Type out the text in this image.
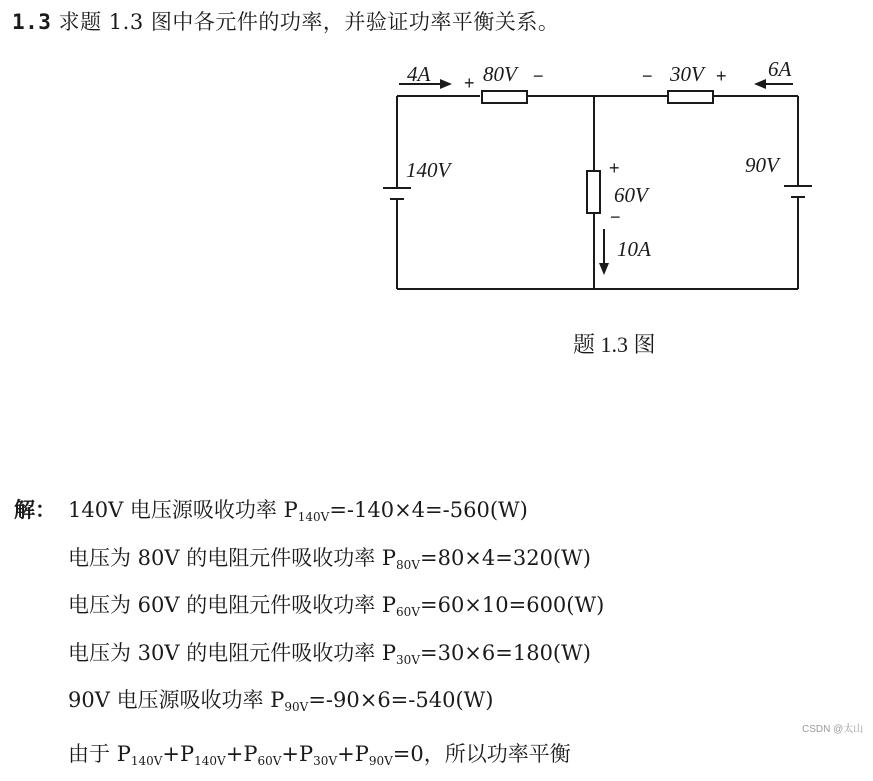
1.3 求题 1.3 图中各元件的功率，并验证功率平衡关系。
4A + 80V −	− 30V + 6A
140V	90V
+
60V
−
10A
题 1.3 图
解： 140V 电压源吸收功率 $P_{140V}=-140\times 4=-560(W)$
电压为 80V 的电阻元件吸收功率 $P_{80V}=80\times 4=320(W)$
电压为 60V 的电阻元件吸收功率 $P_{60V}=60\times 10=600(W)$
电压为 30V 的电阻元件吸收功率 $P_{30V}=30\times 6=180(W)$
90V 电压源吸收功率 $P_{90V}=-90\times 6=-540(W)$
由于 $P_{140V}+P_{140V}+P_{60V}+P_{30V}+P_{90V}=0$，所以功率平衡
CSDN @太山
